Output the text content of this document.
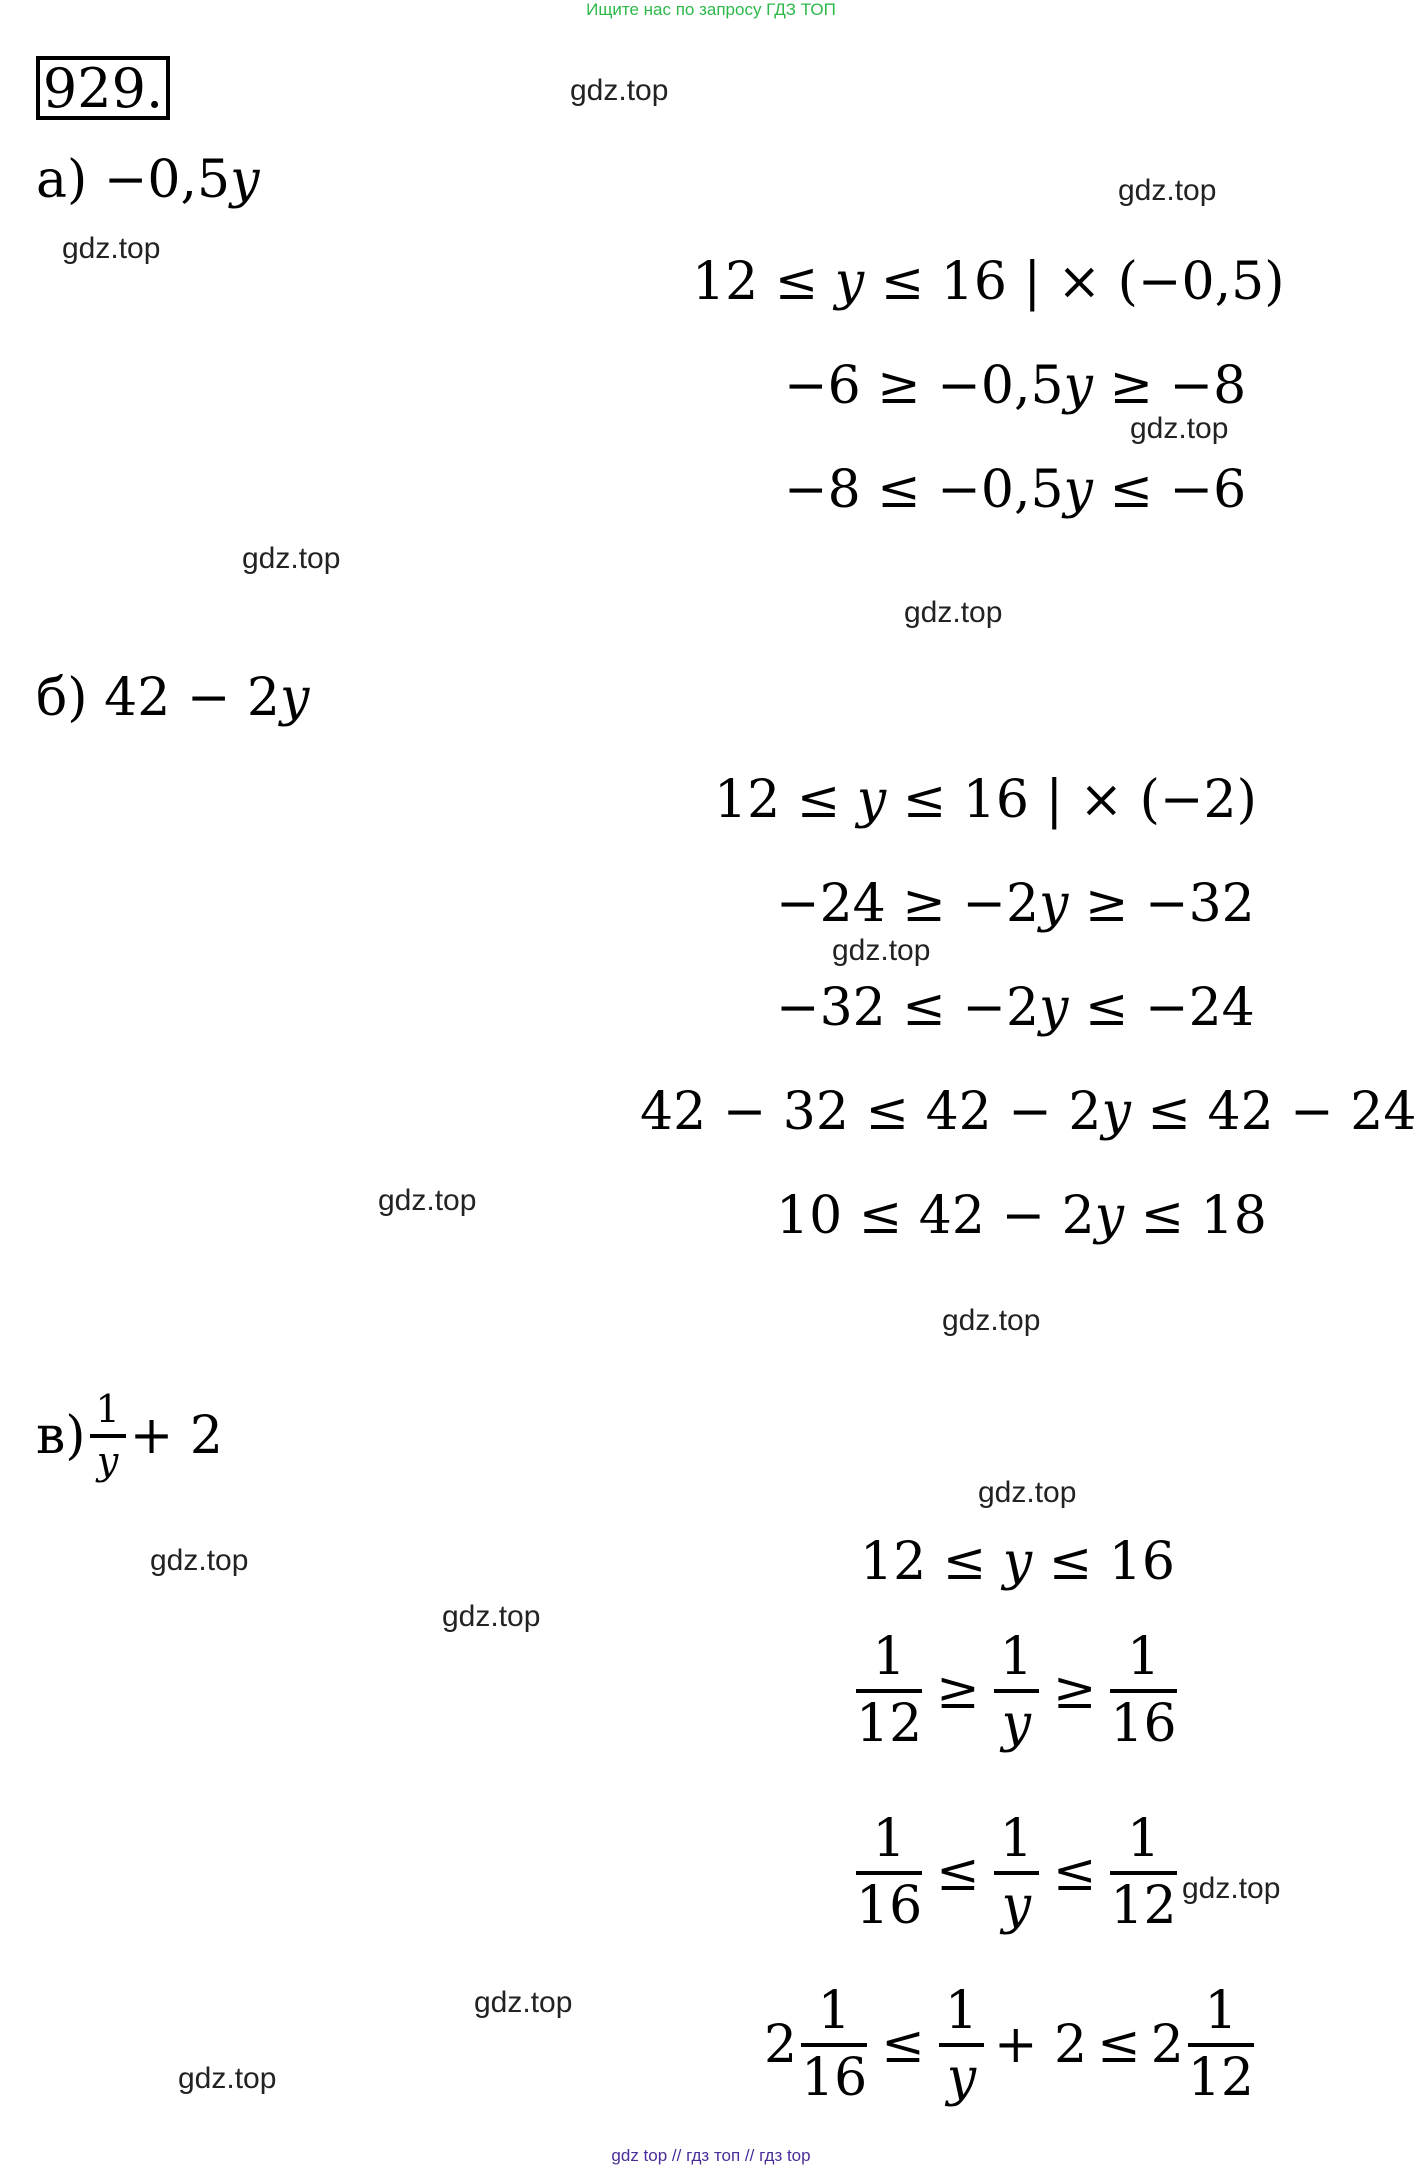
Ищите нас по запросу ГДЗ ТОП
gdz top // гдз топ // гдз top
929.	gdz.top
gdz.top
gdz.top
gdz.top
gdz.top
gdz.top
gdz.top
gdz.top
gdz.top
gdz.top
gdz.top
gdz.top
gdz.top
gdz.top
gdz.top
а) −0,5𝑦
12 ≤ 𝑦 ≤ 16 | × (−0,5)
−6 ≥ −0,5𝑦 ≥ −8
−8 ≤ −0,5𝑦 ≤ −6
б) 42 − 2𝑦
12 ≤ 𝑦 ≤ 16 | × (−2)
−24 ≥ −2𝑦 ≥ −32
−32 ≤ −2𝑦 ≤ −24
42 − 32 ≤ 42 − 2𝑦 ≤ 42 − 24
10 ≤ 42 − 2𝑦 ≤ 18
$в) \frac{1}{\text{𝑦}} + 2$
12 ≤ 𝑦 ≤ 16
$\frac{1}{12} \ge \frac{1}{\text{𝑦}} \ge \frac{1}{16}$
$\frac{1}{16} \le \frac{1}{\text{𝑦}} \le \frac{1}{12}$
$2 \frac{1}{16} \le \frac{1}{\text{𝑦}} + 2 \le 2 \frac{1}{12}$
